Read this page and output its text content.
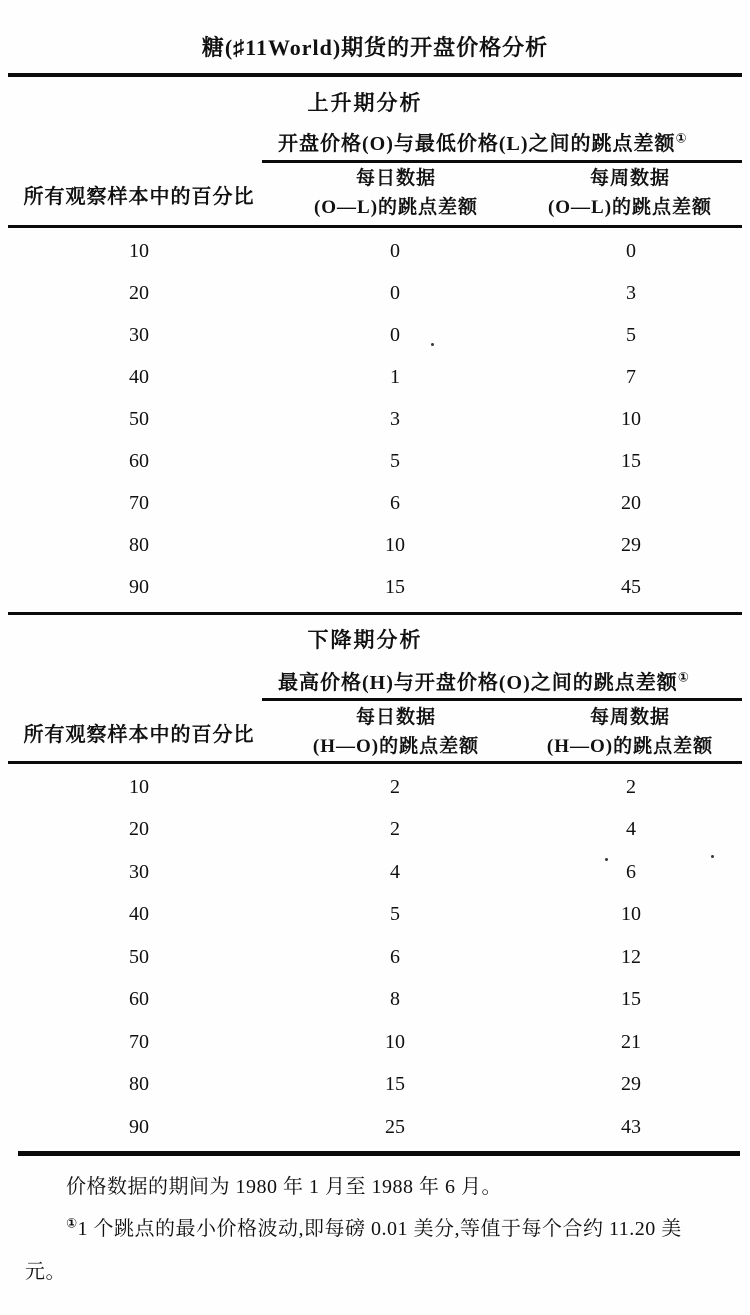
糖(♯11World)期货的开盘价格分析
上升期分析
开盘价格(O)与最低价格(L)之间的跳点差额①
所有观察样本中的百分比
每日数据
(O—L)的跳点差额
每周数据
(O—L)的跳点差额
10	0	0
20	0	3
30	0	5
40	1	7
50	3	10
60	5	15
70	6	20
80	10	29
90	15	45
下降期分析
最高价格(H)与开盘价格(O)之间的跳点差额①
所有观察样本中的百分比
每日数据
(H—O)的跳点差额
每周数据
(H—O)的跳点差额
10	2	2
20	2	4
30	4	6
40	5	10
50	6	12
60	8	15
70	10	21
80	15	29
90	25	43
价格数据的期间为 1980 年 1 月至 1988 年 6 月。
①1 个跳点的最小价格波动,即每磅 0.01 美分,等值于每个合约 11.20 美
元。
